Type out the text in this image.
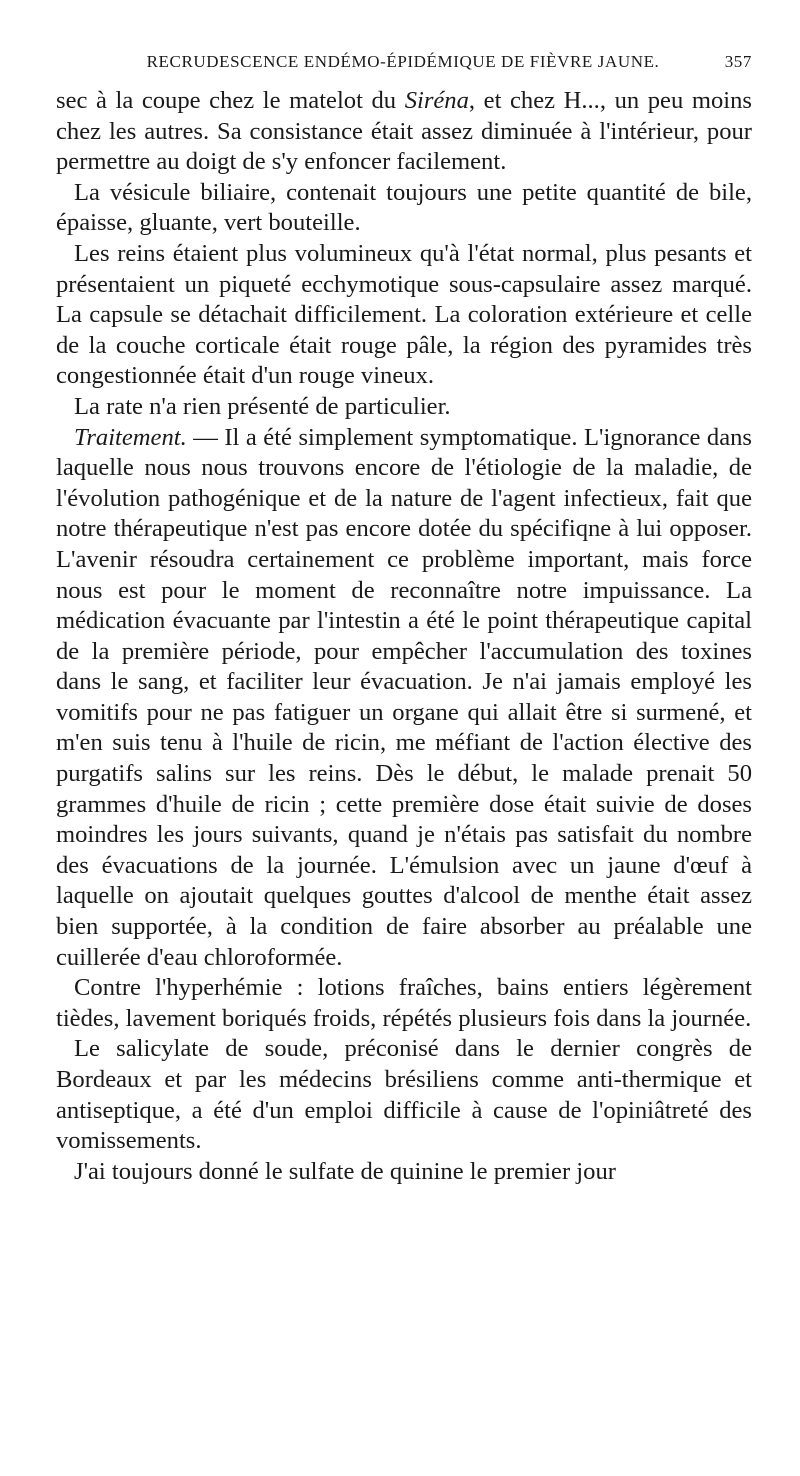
RECRUDESCENCE ENDÉMO-ÉPIDÉMIQUE DE FIÈVRE JAUNE.	357

sec à la coupe chez le matelot du Siréna, et chez H..., un peu moins chez les autres. Sa consistance était assez diminuée à l'intérieur, pour permettre au doigt de s'y enfoncer facilement.

La vésicule biliaire, contenait toujours une petite quantité de bile, épaisse, gluante, vert bouteille.

Les reins étaient plus volumineux qu'à l'état normal, plus pesants et présentaient un piqueté ecchymotique sous-capsulaire assez marqué. La capsule se détachait difficilement. La coloration extérieure et celle de la couche corticale était rouge pâle, la région des pyramides très congestionnée était d'un rouge vineux.

La rate n'a rien présenté de particulier.

Traitement. — Il a été simplement symptomatique. L'ignorance dans laquelle nous nous trouvons encore de l'étiologie de la maladie, de l'évolution pathogénique et de la nature de l'agent infectieux, fait que notre thérapeutique n'est pas encore dotée du spécifiqne à lui opposer. L'avenir résoudra certainement ce problème important, mais force nous est pour le moment de reconnaître notre impuissance. La médication évacuante par l'intestin a été le point thérapeutique capital de la première période, pour empêcher l'accumulation des toxines dans le sang, et faciliter leur évacuation. Je n'ai jamais employé les vomitifs pour ne pas fatiguer un organe qui allait être si surmené, et m'en suis tenu à l'huile de ricin, me méfiant de l'action élective des purgatifs salins sur les reins. Dès le début, le malade prenait 50 grammes d'huile de ricin ; cette première dose était suivie de doses moindres les jours suivants, quand je n'étais pas satisfait du nombre des évacuations de la journée. L'émulsion avec un jaune d'œuf à laquelle on ajoutait quelques gouttes d'alcool de menthe était assez bien supportée, à la condition de faire absorber au préalable une cuillerée d'eau chloroformée.

Contre l'hyperhémie : lotions fraîches, bains entiers légèrement tièdes, lavement boriqués froids, répétés plusieurs fois dans la journée.

Le salicylate de soude, préconisé dans le dernier congrès de Bordeaux et par les médecins brésiliens comme anti-thermique et antiseptique, a été d'un emploi difficile à cause de l'opiniâtreté des vomissements.

J'ai toujours donné le sulfate de quinine le premier jour
